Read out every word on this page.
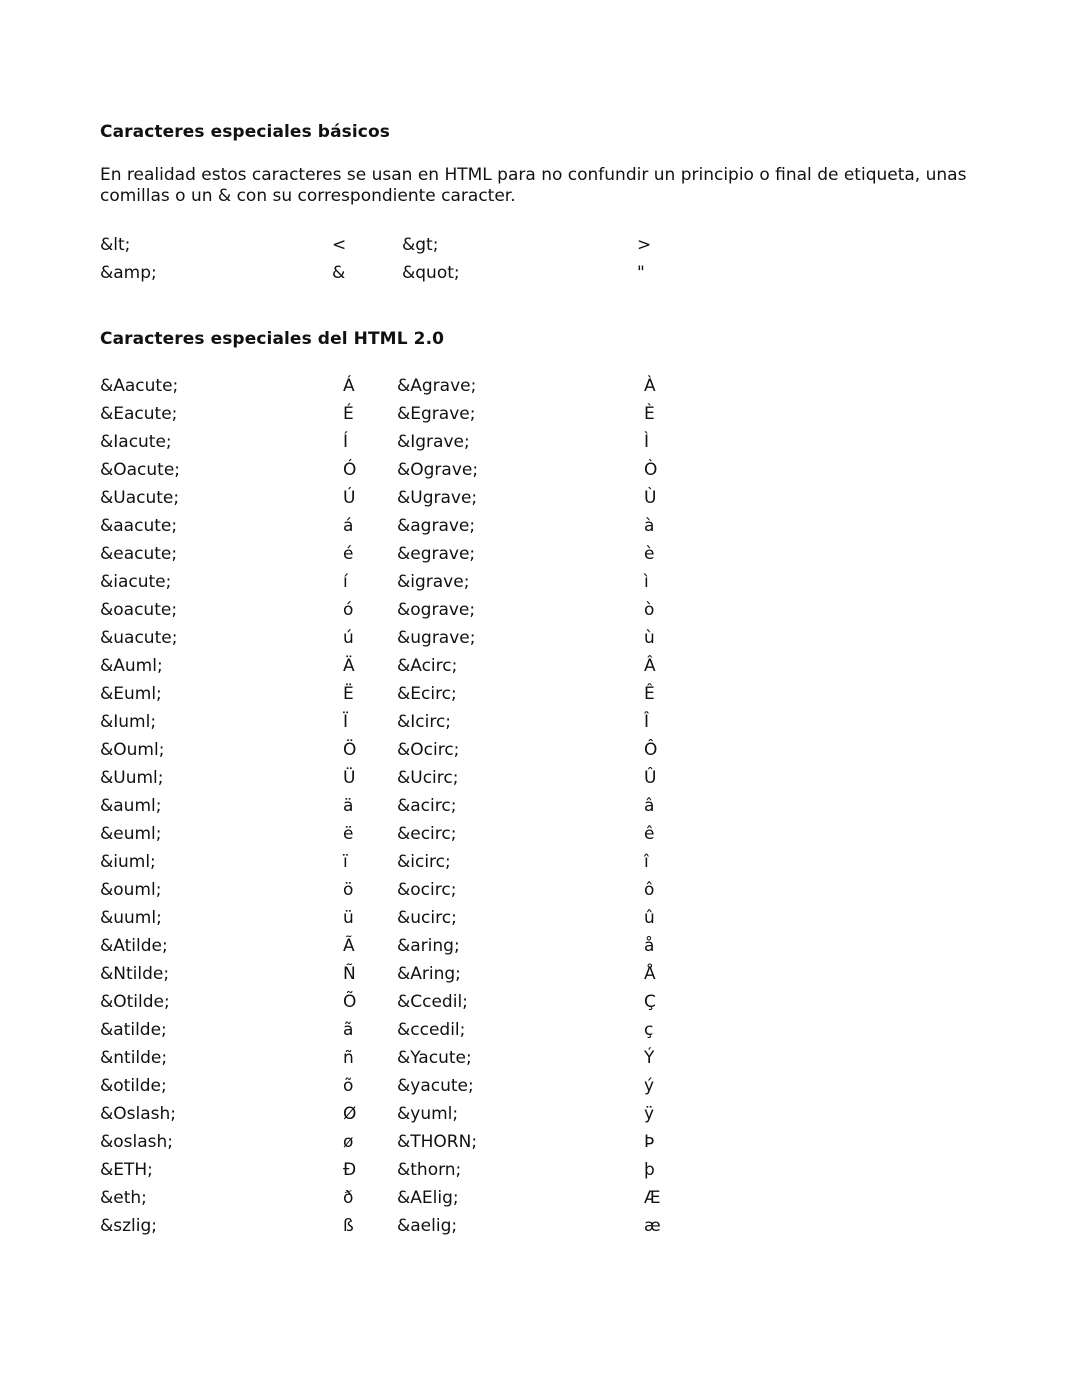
Caracteres especiales básicos
En realidad estos caracteres se usan en HTML para no confundir un principio o final de etiqueta, unas comillas o un & con su correspondiente caracter.
&lt;	<	&gt;	>
&amp;	&	&quot;	"
Caracteres especiales del HTML 2.0
&Aacute;	Á &Agrave;	À
&Eacute;	É	&Egrave;	È
&Iacute;	Í	&Igrave;	Ì
&Oacute;	Ó &Ograve;	Ò
&Uacute;	Ú &Ugrave;	Ù
&aacute;	á	&agrave;	à
&eacute;	é	&egrave;	è
&iacute;	í	&igrave;	ì
&oacute;	ó	&ograve;	ò
&uacute;	ú	&ugrave;	ù
&Auml;	Ä &Acirc;	Â
&Euml;	Ë	&Ecirc;	Ê
&Iuml;	Ï	&Icirc;	Î
&Ouml;	Ö &Ocirc;	Ô
&Uuml;	Ü &Ucirc;	Û
&auml;	ä	&acirc;	â
&euml;	ë	&ecirc;	ê
&iuml;	ï	&icirc;	î
&ouml;	ö	&ocirc;	ô
&uuml;	ü	&ucirc;	û
&Atilde;	Ã &aring;	å
&Ntilde;	Ñ &Aring;	Å
&Otilde;	Õ &Ccedil;	Ç
&atilde;	ã	&ccedil;	ç
&ntilde;	ñ	&Yacute;	Ý
&otilde;	õ	&yacute;	ý
&Oslash;	Ø &yuml;	ÿ
&oslash;	ø	&THORN;	Þ
&ETH;	Ð &thorn;	þ
&eth;	ð	&AElig;	Æ
&szlig;	ß	&aelig;	æ
